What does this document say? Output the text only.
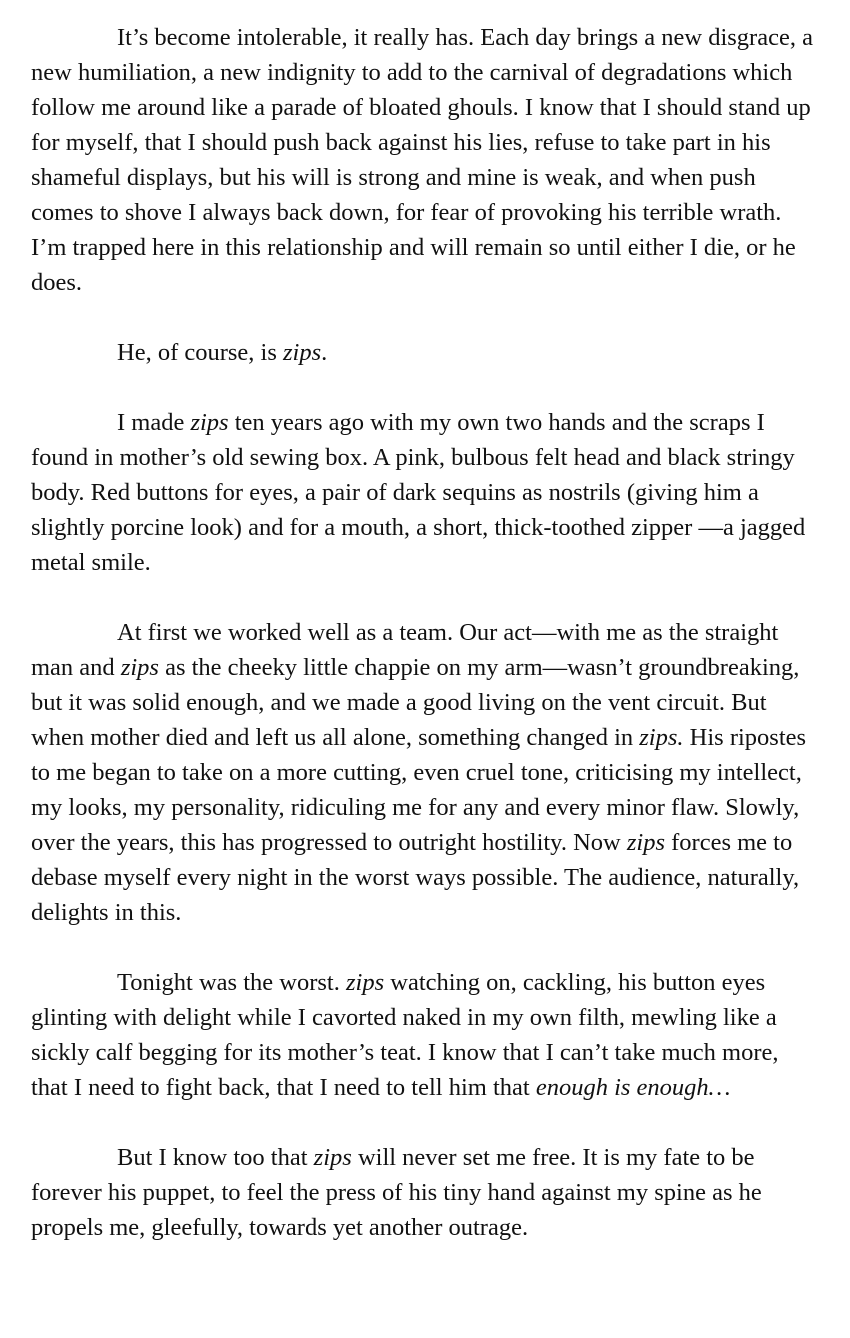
It’s become intolerable, it really has. Each day brings a new disgrace, a new humiliation, a new indignity to add to the carnival of degradations which follow me around like a parade of bloated ghouls. I know that I should stand up for myself, that I should push back against his lies, refuse to take part in his shameful displays, but his will is strong and mine is weak, and when push comes to shove I always back down, for fear of provoking his terrible wrath. I’m trapped here in this relationship and will remain so until either I die, or he does.

He, of course, is zips.

I made zips ten years ago with my own two hands and the scraps I found in mother’s old sewing box. A pink, bulbous felt head and black stringy body. Red buttons for eyes, a pair of dark sequins as nostrils (giving him a slightly porcine look) and for a mouth, a short, thick-toothed zipper —a jagged metal smile.

At first we worked well as a team. Our act—with me as the straight man and zips as the cheeky little chappie on my arm—wasn’t groundbreaking, but it was solid enough, and we made a good living on the vent circuit. But when mother died and left us all alone, something changed in zips. His ripostes to me began to take on a more cutting, even cruel tone, criticising my intellect, my looks, my personality, ridiculing me for any and every minor flaw. Slowly, over the years, this has progressed to outright hostility. Now zips forces me to debase myself every night in the worst ways possible. The audience, naturally, delights in this.

Tonight was the worst. zips watching on, cackling, his button eyes glinting with delight while I cavorted naked in my own filth, mewling like a sickly calf begging for its mother’s teat. I know that I can’t take much more, that I need to fight back, that I need to tell him that enough is enough…

But I know too that zips will never set me free. It is my fate to be forever his puppet, to feel the press of his tiny hand against my spine as he propels me, gleefully, towards yet another outrage.
